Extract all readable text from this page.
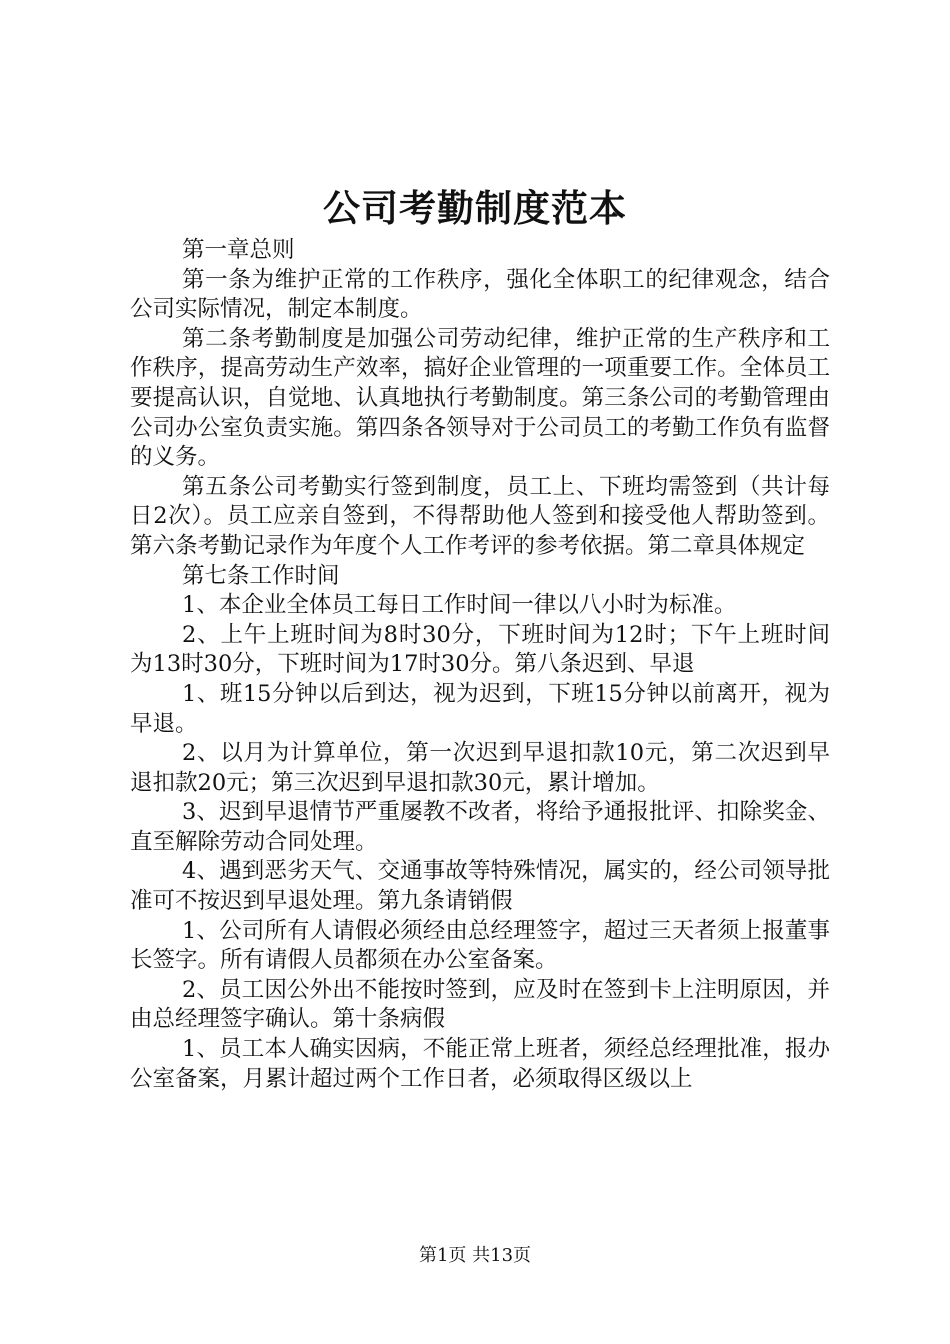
公司考勤制度范本

第一章总则

第一条为维护正常的工作秩序，强化全体职工的纪律观念，结合公司实际情况，制定本制度。

第二条考勤制度是加强公司劳动纪律，维护正常的生产秩序和工作秩序，提高劳动生产效率，搞好企业管理的一项重要工作。全体员工要提高认识，自觉地、认真地执行考勤制度。第三条公司的考勤管理由公司办公室负责实施。第四条各领导对于公司员工的考勤工作负有监督的义务。

第五条公司考勤实行签到制度，员工上、下班均需签到（共计每日2次）。员工应亲自签到，不得帮助他人签到和接受他人帮助签到。第六条考勤记录作为年度个人工作考评的参考依据。第二章具体规定

第七条工作时间

1、本企业全体员工每日工作时间一律以八小时为标准。

2、上午上班时间为8时30分，下班时间为12时；下午上班时间为13时30分，下班时间为17时30分。第八条迟到、早退

1、班15分钟以后到达，视为迟到，下班15分钟以前离开，视为早退。

2、以月为计算单位，第一次迟到早退扣款10元，第二次迟到早退扣款20元；第三次迟到早退扣款30元，累计增加。

3、迟到早退情节严重屡教不改者，将给予通报批评、扣除奖金、直至解除劳动合同处理。

4、遇到恶劣天气、交通事故等特殊情况，属实的，经公司领导批准可不按迟到早退处理。第九条请销假

1、公司所有人请假必须经由总经理签字，超过三天者须上报董事长签字。所有请假人员都须在办公室备案。

2、员工因公外出不能按时签到，应及时在签到卡上注明原因，并由总经理签字确认。第十条病假

1、员工本人确实因病，不能正常上班者，须经总经理批准，报办公室备案，月累计超过两个工作日者，必须取得区级以上

第1页 共13页
